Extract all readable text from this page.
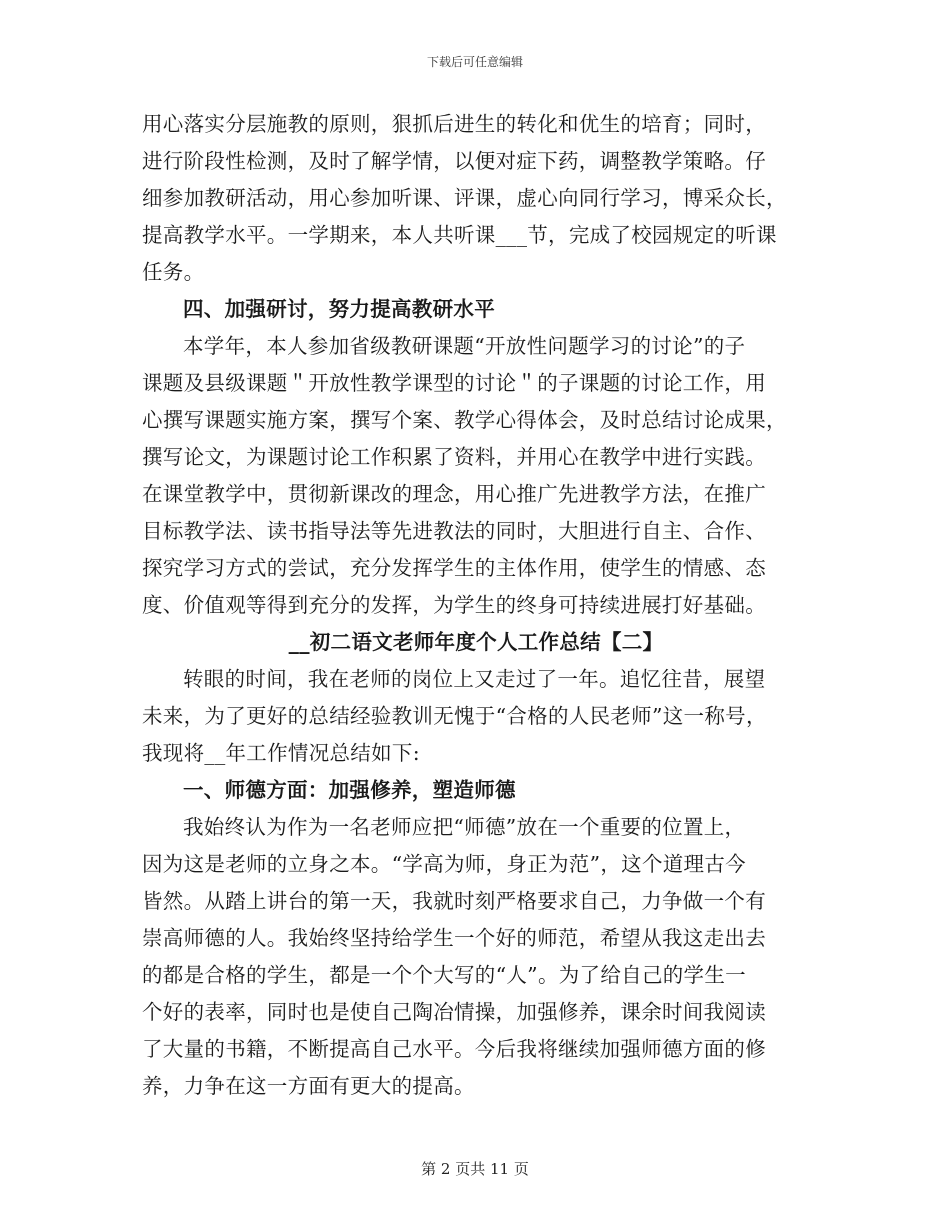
下载后可任意编辑
用心落实分层施教的原则，狠抓后进生的转化和优生的培育；同时，
进行阶段性检测，及时了解学情，以便对症下药，调整教学策略。仔
细参加教研活动，用心参加听课、评课，虚心向同行学习，博采众长，
提高教学水平。一学期来，本人共听课___节，完成了校园规定的听课
任务。
四、加强研讨，努力提高教研水平
本学年，本人参加省级教研课题“开放性问题学习的讨论”的子
课题及县级课题＂开放性教学课型的讨论＂的子课题的讨论工作，用
心撰写课题实施方案，撰写个案、教学心得体会，及时总结讨论成果，
撰写论文，为课题讨论工作积累了资料，并用心在教学中进行实践。
在课堂教学中，贯彻新课改的理念，用心推广先进教学方法，在推广
目标教学法、读书指导法等先进教法的同时，大胆进行自主、合作、
探究学习方式的尝试，充分发挥学生的主体作用，使学生的情感、态
度、价值观等得到充分的发挥，为学生的终身可持续进展打好基础。
__初二语文老师年度个人工作总结【二】
转眼的时间，我在老师的岗位上又走过了一年。追忆往昔，展望
未来，为了更好的总结经验教训无愧于“合格的人民老师”这一称号，
我现将__年工作情况总结如下:
一、师德方面：加强修养，塑造师德
我始终认为作为一名老师应把“师德”放在一个重要的位置上，
因为这是老师的立身之本。“学高为师，身正为范”，这个道理古今
皆然。从踏上讲台的第一天，我就时刻严格要求自己，力争做一个有
崇高师德的人。我始终坚持给学生一个好的师范，希望从我这走出去
的都是合格的学生，都是一个个大写的“人”。为了给自己的学生一
个好的表率，同时也是使自己陶冶情操，加强修养，课余时间我阅读
了大量的书籍，不断提高自己水平。今后我将继续加强师德方面的修
养，力争在这一方面有更大的提高。
第 2 页共 11 页
